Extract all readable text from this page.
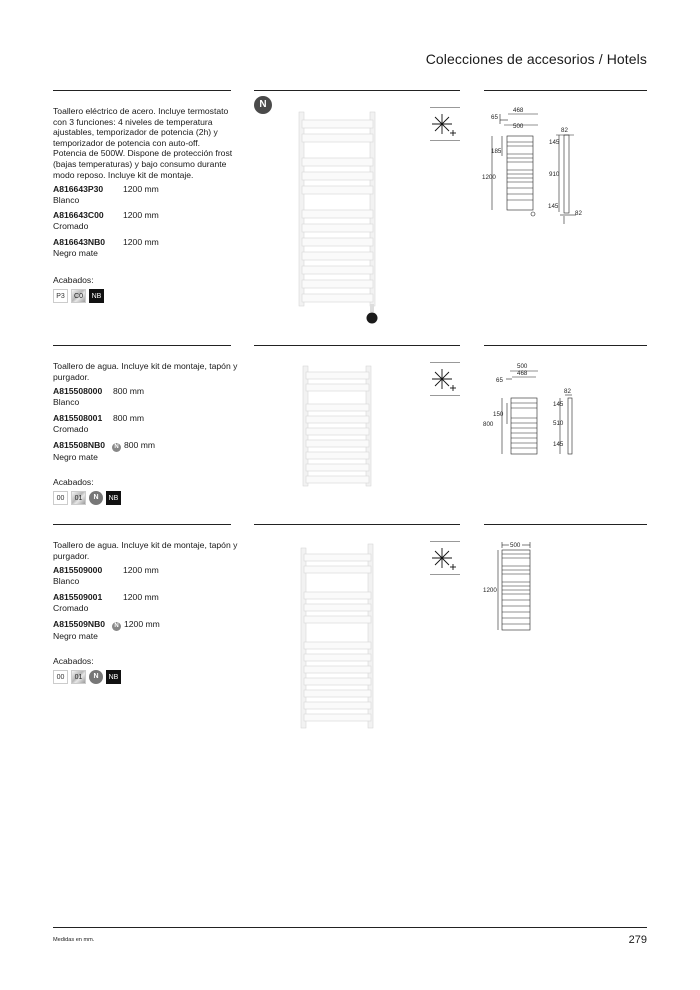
Colecciones de accesorios / Hotels
Toallero eléctrico de acero. Incluye termostato con 3 funciones: 4 niveles de temperatura ajustables, temporizador de potencia (2h) y temporizador de potencia con auto-off. Potencia de 500W. Dispone de protección frost (bajas temperaturas) y bajo consumo durante modo reposo. Incluye kit de montaje.
A816643P30 1200 mm
Blanco
A816643C00 1200 mm
Cromado
A816643NB0 1200 mm
Negro mate
Acabados:
P3	C0	NB
N
468
65
500
82
185
145
1200	910
145
82
Toallero de agua. Incluye kit de montaje, tapón y purgador.
A815508000 800 mm
Blanco
A815508001 800 mm
Cromado
A815508NB0 N 800 mm
Negro mate
Acabados:
00	01	N	NB
500
468
65
82
145
150
800	510
145
Toallero de agua. Incluye kit de montaje, tapón y purgador.
A815509000 1200 mm
Blanco
A815509001 1200 mm
Cromado
A815509NB0 N 1200 mm
Negro mate
Acabados:
00	01	N	NB
500
1200
Medidas en mm.	279
